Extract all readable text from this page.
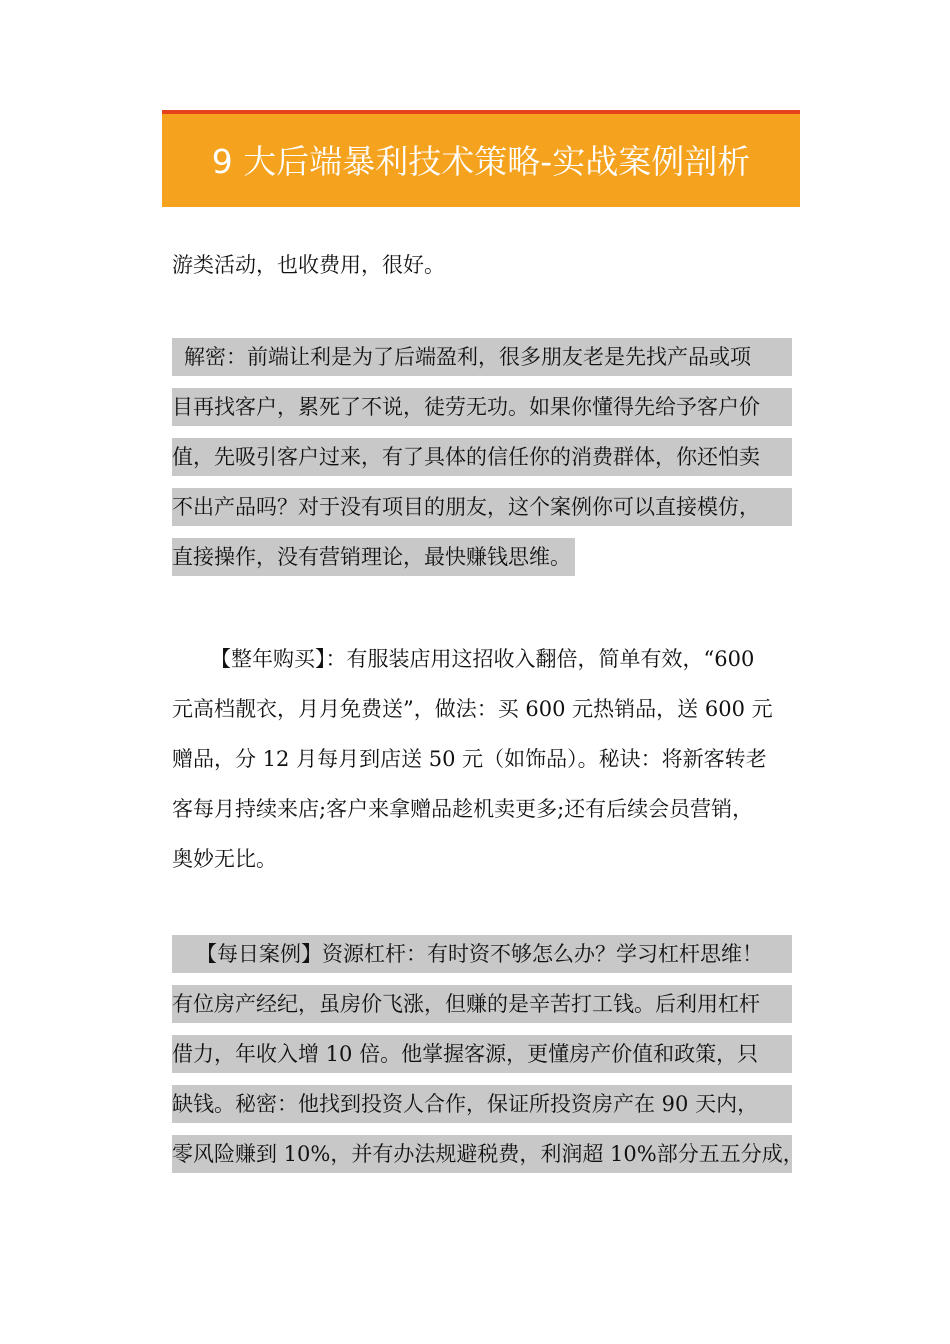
9 大后端暴利技术策略-实战案例剖析
游类活动，也收费用，很好。
解密：前端让利是为了后端盈利，很多朋友老是先找产品或项
目再找客户，累死了不说，徒劳无功。如果你懂得先给予客户价
值，先吸引客户过来，有了具体的信任你的消费群体，你还怕卖
不出产品吗？对于没有项目的朋友，这个案例你可以直接模仿，
直接操作，没有营销理论，最快赚钱思维。
【整年购买】：有服装店用这招收入翻倍，简单有效，“600
元高档靓衣，月月免费送”，做法：买 600 元热销品，送 600 元
赠品，分 12 月每月到店送 50 元（如饰品）。秘诀：将新客转老
客每月持续来店;客户来拿赠品趁机卖更多;还有后续会员营销，
奥妙无比。
【每日案例】资源杠杆：有时资不够怎么办？学习杠杆思维！
有位房产经纪，虽房价飞涨，但赚的是辛苦打工钱。后利用杠杆
借力，年收入增 10 倍。他掌握客源，更懂房产价值和政策，只
缺钱。秘密：他找到投资人合作，保证所投资房产在 90 天内，
零风险赚到 10%，并有办法规避税费，利润超 10%部分五五分成，
